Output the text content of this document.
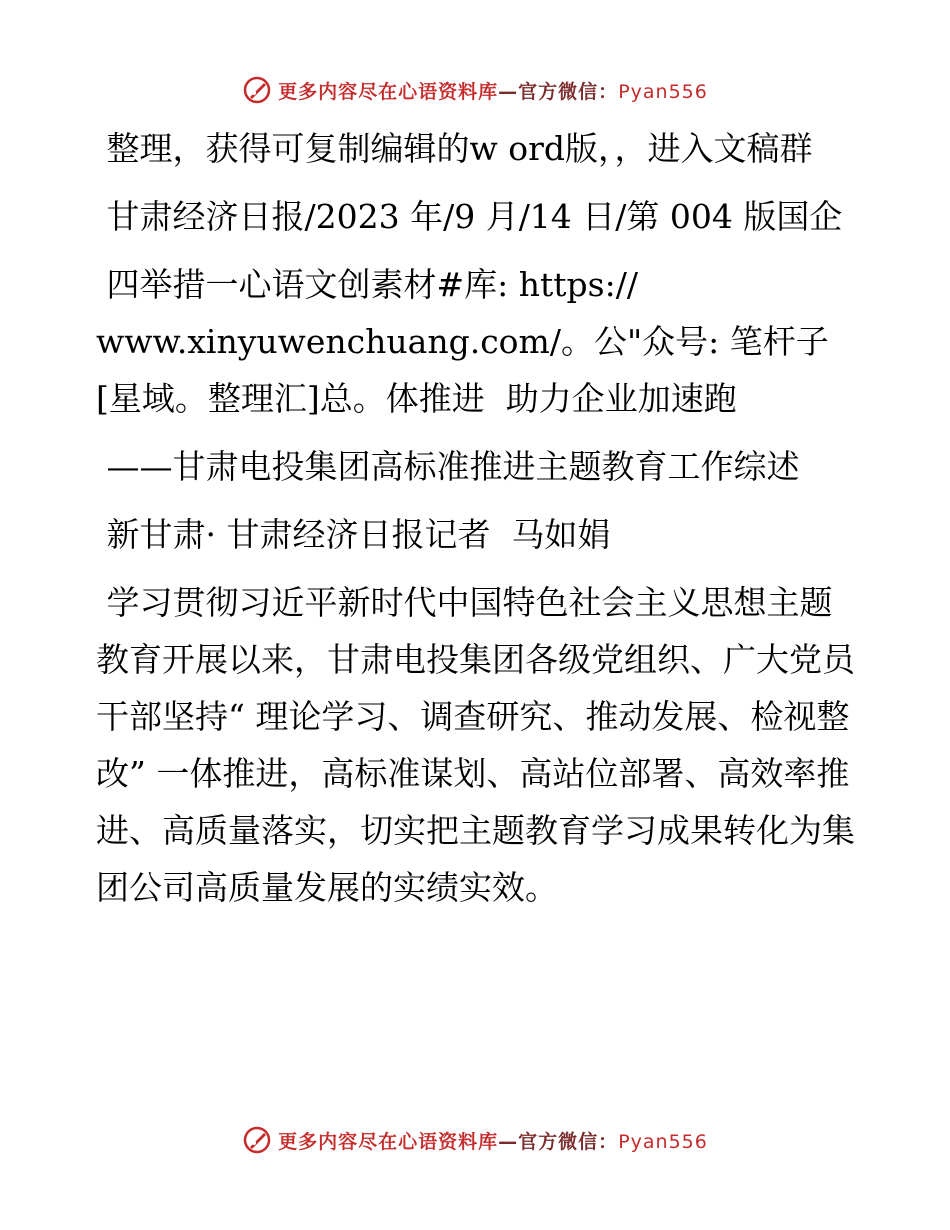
更多内容尽在心语资料库—官方微信：Pyan556

整理，获得可复制编辑的w ord版，，进入文稿群

甘肃经济日报/2023 年/9 月/14 日/第 004 版国企

四举措一心语文创素材#库: https://
www.xinyuwenchuang.com/。公"众号: 笔杆子[星域。整理汇]总。体推进  助力企业加速跑

——甘肃电投集团高标准推进主题教育工作综述

新甘肃· 甘肃经济日报记者  马如娟

学习贯彻习近平新时代中国特色社会主义思想主题教育开展以来，甘肃电投集团各级党组织、广大党员干部坚持“ 理论学习、调查研究、推动发展、检视整改” 一体推进，高标准谋划、高站位部署、高效率推进、高质量落实，切实把主题教育学习成果转化为集团公司高质量发展的实绩实效。

更多内容尽在心语资料库—官方微信：Pyan556
